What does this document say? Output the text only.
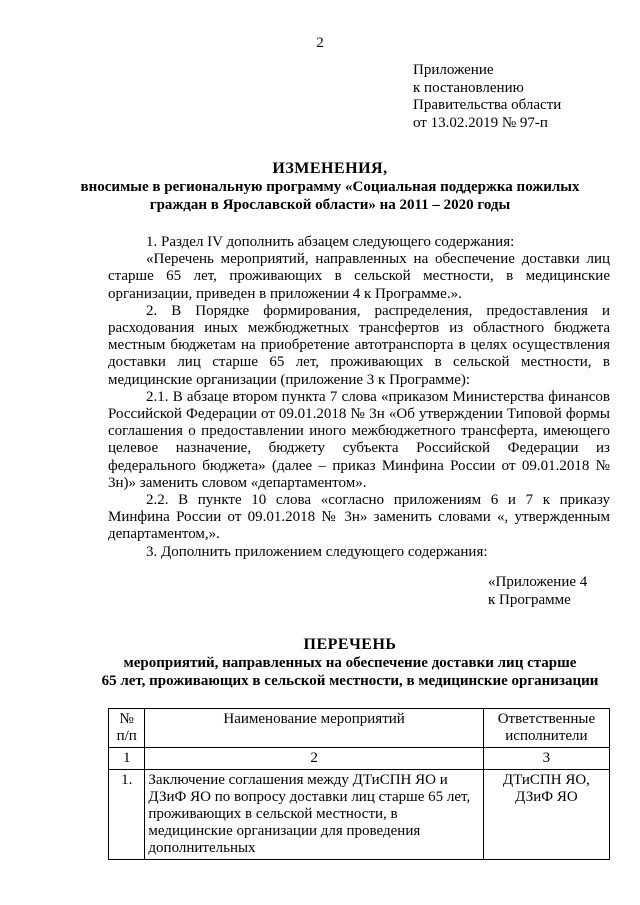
2
Приложение
к постановлению
Правительства области
от 13.02.2019 № 97-п
ИЗМЕНЕНИЯ,
вносимые в региональную программу «Социальная поддержка пожилых
граждан в Ярославской области» на 2011 – 2020 годы

1. Раздел IV дополнить абзацем следующего содержания:

«Перечень мероприятий, направленных на обеспечение доставки лиц старше 65 лет, проживающих в сельской местности, в медицинские организации, приведен в приложении 4 к Программе.».

2. В Порядке формирования, распределения, предоставления и расходования иных межбюджетных трансфертов из областного бюджета местным бюджетам на приобретение автотранспорта в целях осуществления доставки лиц старше 65 лет, проживающих в сельской местности, в медицинские организации (приложение 3 к Программе):

2.1. В абзаце втором пункта 7 слова «приказом Министерства финансов Российской Федерации от 09.01.2018 № 3н «Об утверждении Типовой формы соглашения о предоставлении иного межбюджетного трансферта, имеющего целевое назначение, бюджету субъекта Российской Федерации из федерального бюджета» (далее – приказ Минфина России от 09.01.2018 № 3н)» заменить словом «департаментом».

2.2. В пункте 10 слова «согласно приложениям 6 и 7 к приказу Минфина России от 09.01.2018 № 3н» заменить словами «, утвержденным департаментом,».

3. Дополнить приложением следующего содержания:

«Приложение 4
к Программе
ПЕРЕЧЕНЬ
мероприятий, направленных на обеспечение доставки лиц старше
65 лет, проживающих в сельской местности, в медицинские организации
№ п/п	Наименование мероприятий	Ответственные исполнители
1	2	3
1.	Заключение соглашения между ДТиСПН ЯО и ДЗиФ ЯО по вопросу доставки лиц старше 65 лет, проживающих в сельской местности, в медицинские организации для проведения дополнительных	ДТиСПН ЯО, ДЗиФ ЯО
